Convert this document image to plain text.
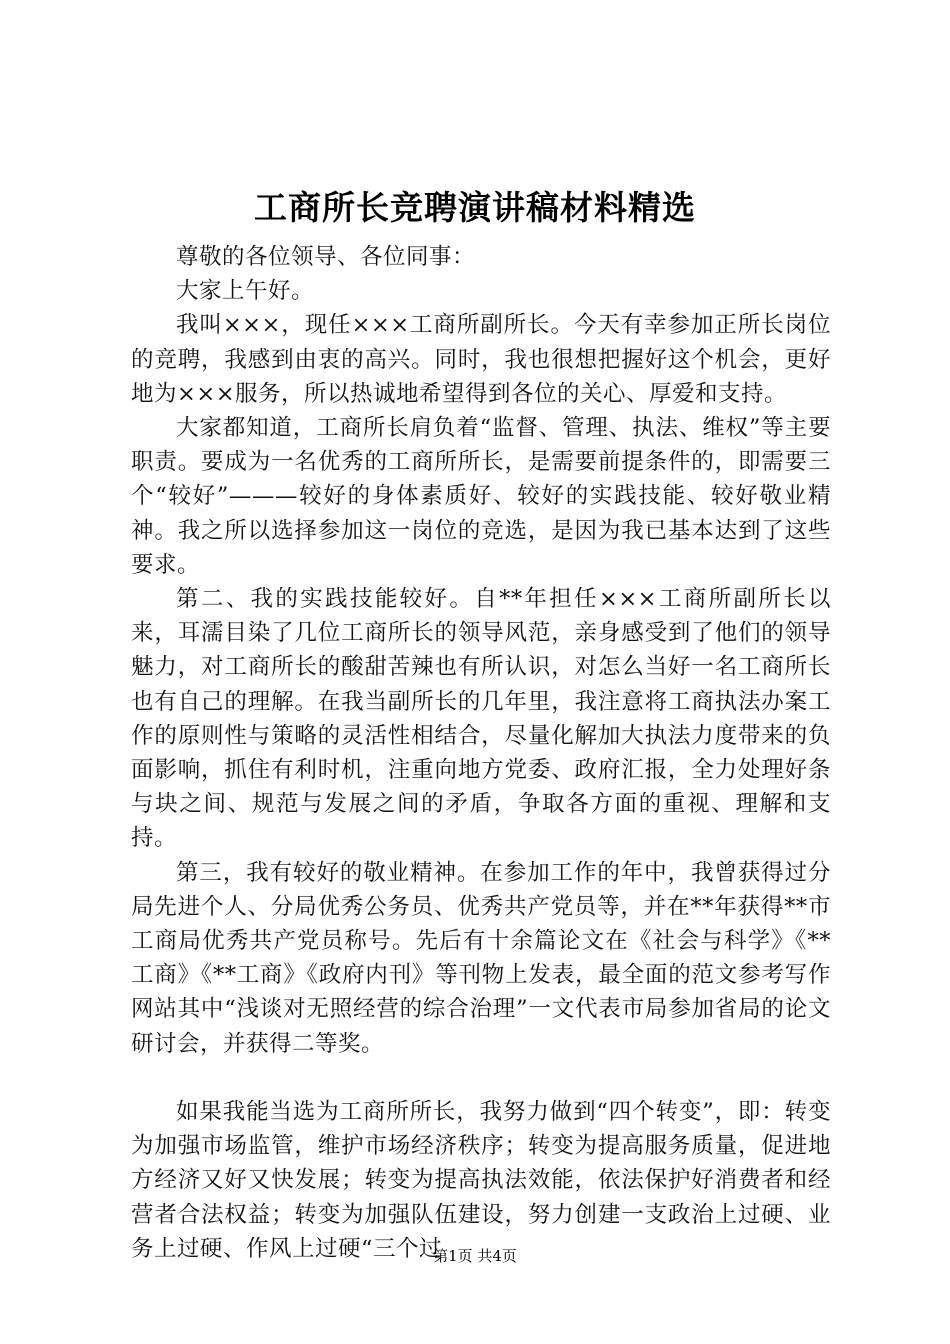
工商所长竞聘演讲稿材料精选

尊敬的各位领导、各位同事：

大家上午好。

我叫×××，现任×××工商所副所长。今天有幸参加正所长岗位的竞聘，我感到由衷的高兴。同时，我也很想把握好这个机会，更好地为×××服务，所以热诚地希望得到各位的关心、厚爱和支持。

大家都知道，工商所长肩负着“监督、管理、执法、维权”等主要职责。要成为一名优秀的工商所所长，是需要前提条件的，即需要三个“较好”———较好的身体素质好、较好的实践技能、较好敬业精神。我之所以选择参加这一岗位的竞选，是因为我已基本达到了这些要求。

第二、我的实践技能较好。自**年担任×××工商所副所长以来，耳濡目染了几位工商所长的领导风范，亲身感受到了他们的领导魅力，对工商所长的酸甜苦辣也有所认识，对怎么当好一名工商所长也有自己的理解。在我当副所长的几年里，我注意将工商执法办案工作的原则性与策略的灵活性相结合，尽量化解加大执法力度带来的负面影响，抓住有利时机，注重向地方党委、政府汇报，全力处理好条与块之间、规范与发展之间的矛盾，争取各方面的重视、理解和支持。

第三，我有较好的敬业精神。在参加工作的年中，我曾获得过分局先进个人、分局优秀公务员、优秀共产党员等，并在**年获得**市工商局优秀共产党员称号。先后有十余篇论文在《社会与科学》《**工商》《**工商》《政府内刊》等刊物上发表，最全面的范文参考写作网站其中“浅谈对无照经营的综合治理”一文代表市局参加省局的论文研讨会，并获得二等奖。

如果我能当选为工商所所长，我努力做到“四个转变”，即：转变为加强市场监管，维护市场经济秩序；转变为提高服务质量，促进地方经济又好又快发展；转变为提高执法效能，依法保护好消费者和经营者合法权益；转变为加强队伍建设，努力创建一支政治上过硬、业务上过硬、作风上过硬“三个过

第1页 共4页
